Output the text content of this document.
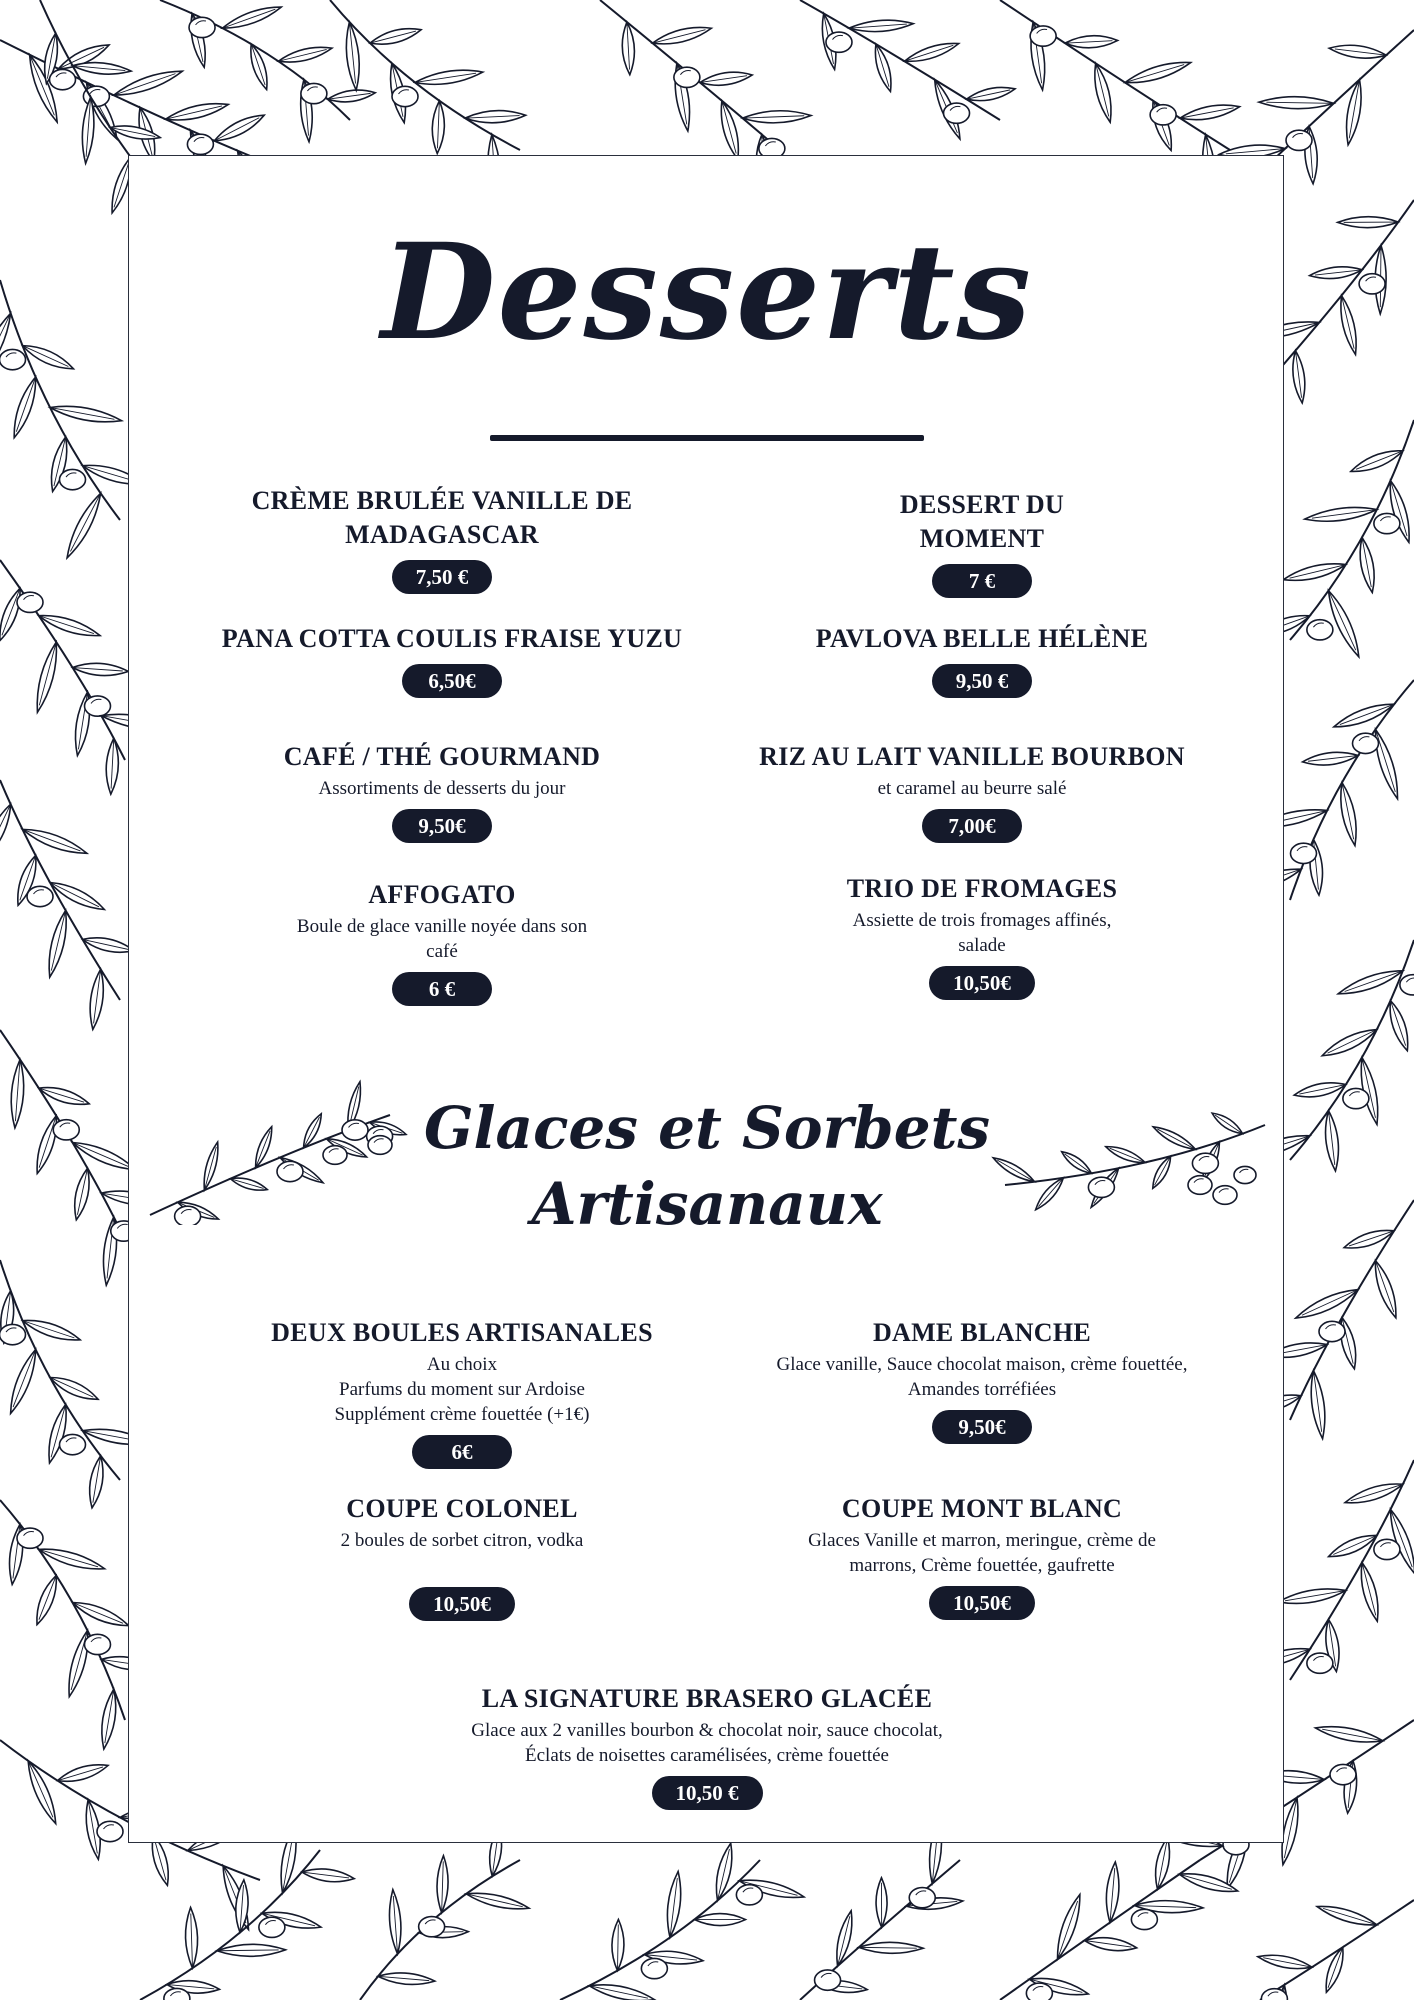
Desserts
CRÈME BRULÉE VANILLE DE
MADAGASCAR
7,50 €
DESSERT DU
MOMENT
7 €
PANA COTTA COULIS FRAISE YUZU
6,50€
PAVLOVA BELLE HÉLÈNE
9,50 €
CAFÉ / THÉ GOURMAND
Assortiments de desserts du jour
9,50€
RIZ AU LAIT VANILLE BOURBON
et caramel au beurre salé
7,00€
AFFOGATO
Boule de glace vanille noyée dans son
café
6 €
TRIO DE FROMAGES
Assiette de trois fromages affinés,
salade
10,50€
Glaces et Sorbets
Artisanaux
DEUX BOULES ARTISANALES
Au choix
Parfums du moment sur Ardoise
Supplément crème fouettée (+1€)
6€
DAME BLANCHE
Glace vanille, Sauce chocolat maison, crème fouettée,
Amandes torréfiées
9,50€
COUPE COLONEL
2 boules de sorbet citron, vodka
10,50€
COUPE MONT BLANC
Glaces Vanille et marron, meringue, crème de
marrons, Crème fouettée, gaufrette
10,50€
LA SIGNATURE BRASERO GLACÉE
Glace aux 2 vanilles bourbon & chocolat noir, sauce chocolat,
Éclats de noisettes caramélisées, crème fouettée
10,50 €
